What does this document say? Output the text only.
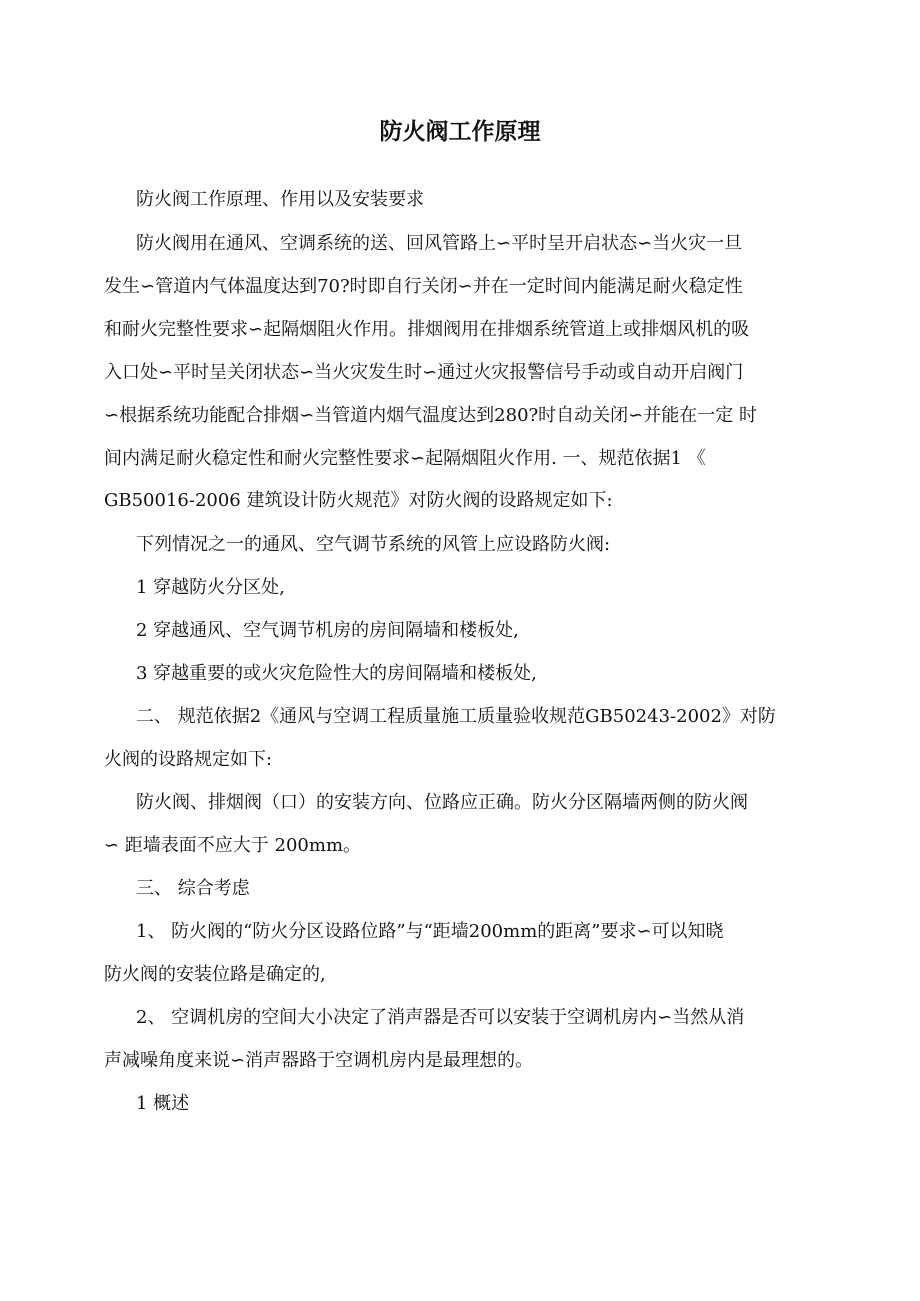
防火阀工作原理
防火阀工作原理、作用以及安装要求
防火阀用在通风、空调系统的送、回风管路上∽平时呈开启状态∽当火灾一旦
发生∽管道内气体温度达到70?时即自行关闭∽并在一定时间内能满足耐火稳定性
和耐火完整性要求∽起隔烟阻火作用。排烟阀用在排烟系统管道上或排烟风机的吸
入口处∽平时呈关闭状态∽当火灾发生时∽通过火灾报警信号手动或自动开启阀门
∽根据系统功能配合排烟∽当管道内烟气温度达到280?时自动关闭∽并能在一定 时
间内满足耐火稳定性和耐火完整性要求∽起隔烟阻火作用. 一、规范依据1 《
GB50016-2006 建筑设计防火规范》对防火阀的设路规定如下:
下列情况之一的通风、空气调节系统的风管上应设路防火阀:
1 穿越防火分区处,
2 穿越通风、空气调节机房的房间隔墙和楼板处,
3 穿越重要的或火灾危险性大的房间隔墙和楼板处,
二、 规范依据2《通风与空调工程质量施工质量验收规范GB50243-2002》对防
火阀的设路规定如下:
防火阀、排烟阀（口）的安装方向、位路应正确。防火分区隔墙两侧的防火阀
∽ 距墙表面不应大于 200mm。
三、 综合考虑
1、 防火阀的“防火分区设路位路”与“距墙200mm的距离”要求∽可以知晓
防火阀的安装位路是确定的,
2、 空调机房的空间大小决定了消声器是否可以安装于空调机房内∽当然从消
声减噪角度来说∽消声器路于空调机房内是最理想的。
1 概述
